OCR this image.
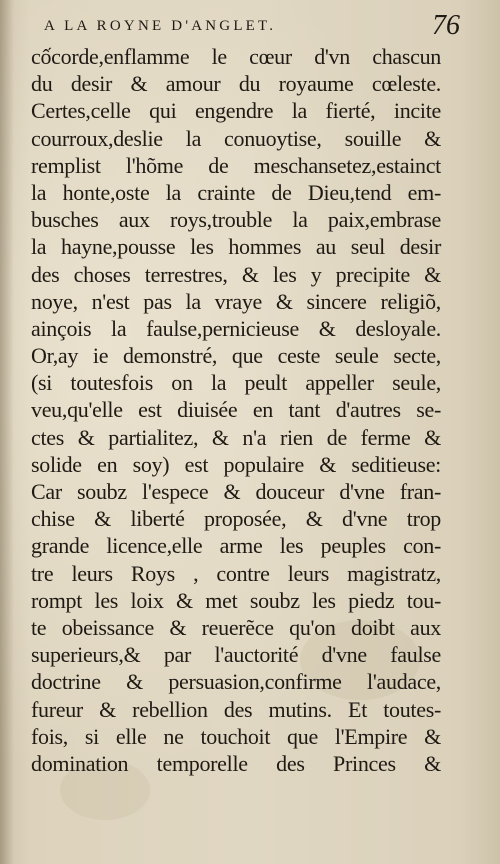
A LA ROYNE D'ANGLET.	76
cốcorde,enflamme le cœur d'vn chascun
du desir & amour du royaume cœleste.
Certes,celle qui engendre la fierté, incite
courroux,deslie la conuoytise, souille &
remplist l'hõme de meschansetez,estainct
la honte,oste la crainte de Dieu,tend em-
busches aux roys,trouble la paix,embrase
la hayne,pousse les hommes au seul desir
des choses terrestres, & les y precipite &
noye, n'est pas la vraye & sincere religiõ,
ainçois la faulse,pernicieuse & desloyale.
Or,ay ie demonstré, que ceste seule secte,
(si toutesfois on la peult appeller seule,
veu,qu'elle est diuisée en tant d'autres se-
ctes & partialitez, & n'a rien de ferme &
solide en soy) est populaire & seditieuse:
Car soubz l'espece & douceur d'vne fran-
chise & liberté proposée, & d'vne trop
grande licence,elle arme les peuples con-
tre leurs Roys , contre leurs magistratz,
rompt les loix & met soubz les piedz tou-
te obeissance & reuerẽce qu'on doibt aux
superieurs,& par l'auctorité d'vne faulse
doctrine & persuasion,confirme l'audace,
fureur & rebellion des mutins. Et toutes-
fois, si elle ne touchoit que l'Empire &
domination temporelle des Princes &
